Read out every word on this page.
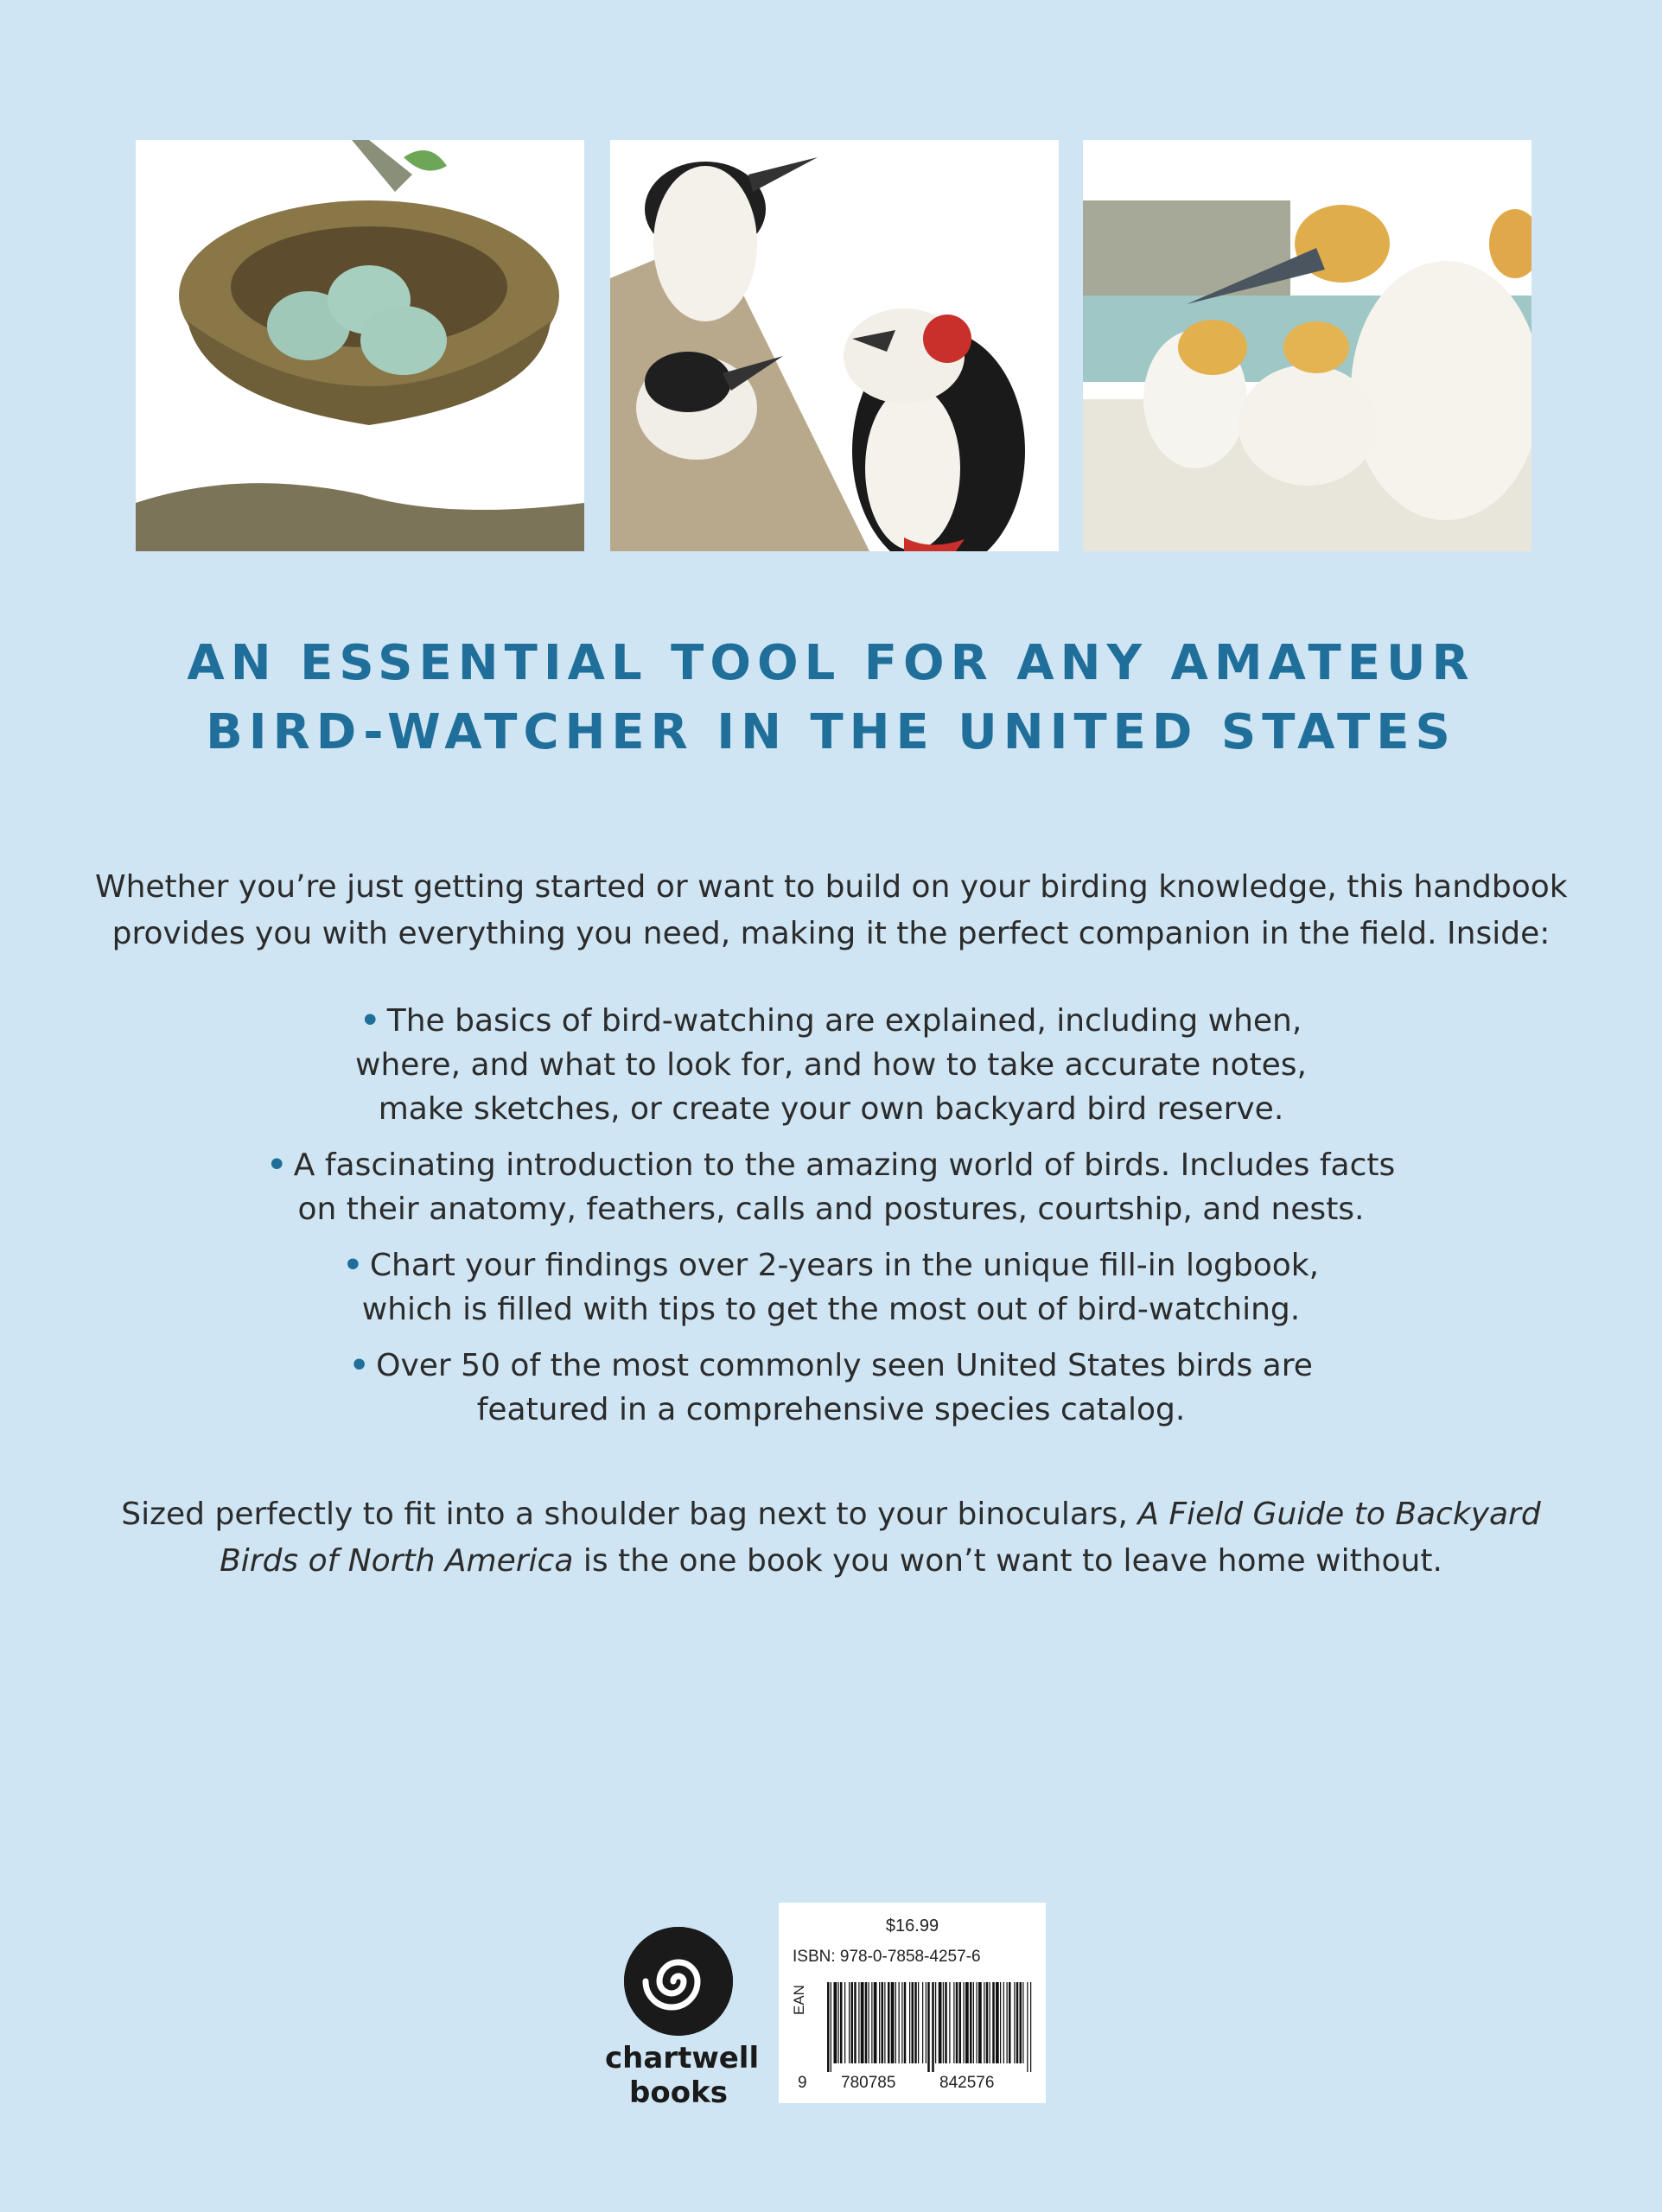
AN ESSENTIAL TOOL FOR ANY AMATEUR
BIRD-WATCHER IN THE UNITED STATES
Whether you’re just getting started or want to build on your birding knowledge, this handbook
provides you with everything you need, making it the perfect companion in the field. Inside:
• The basics of bird-watching are explained, including when,
where, and what to look for, and how to take accurate notes,
make sketches, or create your own backyard bird reserve.
• A fascinating introduction to the amazing world of birds. Includes facts
on their anatomy, feathers, calls and postures, courtship, and nests.
• Chart your findings over 2-years in the unique fill-in logbook,
which is filled with tips to get the most out of bird-watching.
• Over 50 of the most commonly seen United States birds are
featured in a comprehensive species catalog.
Sized perfectly to fit into a shoulder bag next to your binoculars, A Field Guide to Backyard
Birds of North America is the one book you won’t want to leave home without.
chartwell
books
$16.99
ISBN: 978-0-7858-4257-6
EAN
9 780785	842576
